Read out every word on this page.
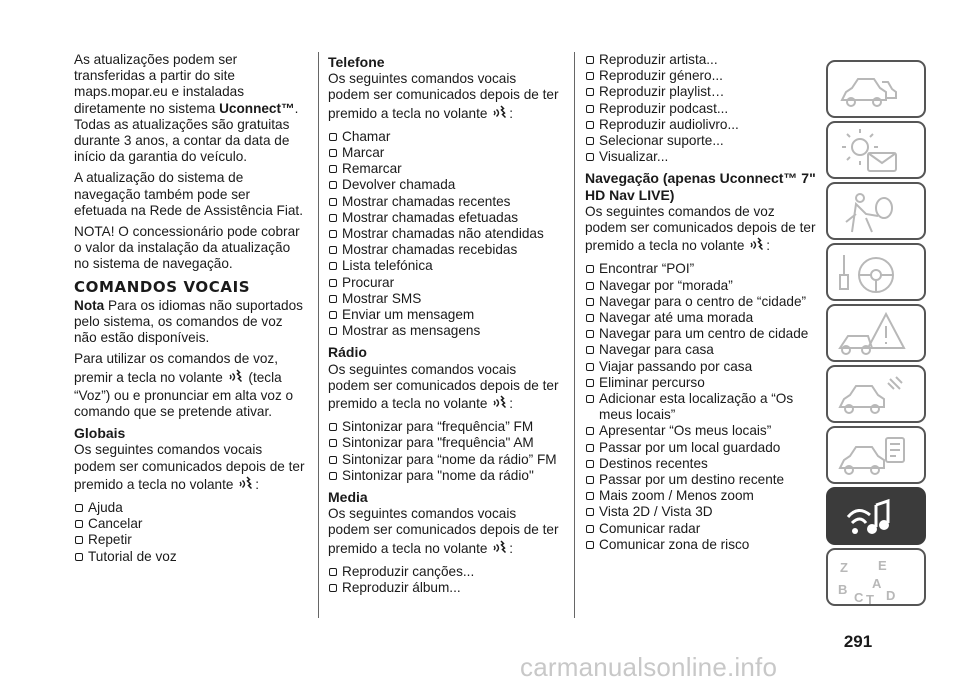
As atualizações podem ser transferidas a partir do site maps.mopar.eu e instaladas diretamente no sistema Uconnect™. Todas as atualizações são gratuitas durante 3 anos, a contar da data de início da garantia do veículo.

A atualização do sistema de navegação também pode ser efetuada na Rede de Assistência Fiat.

NOTA! O concessionário pode cobrar o valor da instalação da atualização no sistema de navegação.

COMANDOS VOCAIS

Nota Para os idiomas não suportados pelo sistema, os comandos de voz não estão disponíveis.

Para utilizar os comandos de voz, premir a tecla no volante (tecla “Voz”) ou e pronunciar em alta voz o comando que se pretende ativar.

Globais

Os seguintes comandos vocais podem ser comunicados depois de ter premido a tecla no volante :

Ajuda
Cancelar
Repetir
Tutorial de voz
Telefone

Os seguintes comandos vocais podem ser comunicados depois de ter premido a tecla no volante :

Chamar
Marcar
Remarcar
Devolver chamada
Mostrar chamadas recentes
Mostrar chamadas efetuadas
Mostrar chamadas não atendidas
Mostrar chamadas recebidas
Lista telefónica
Procurar
Mostrar SMS
Enviar um mensagem
Mostrar as mensagens
Rádio

Os seguintes comandos vocais podem ser comunicados depois de ter premido a tecla no volante :

Sintonizar para “frequência” FM
Sintonizar para "frequência" AM
Sintonizar para “nome da rádio” FM
Sintonizar para "nome da rádio"
Media

Os seguintes comandos vocais podem ser comunicados depois de ter premido a tecla no volante :

Reproduzir canções...
Reproduzir álbum...
Reproduzir artista...
Reproduzir género...
Reproduzir playlist…
Reproduzir podcast...
Reproduzir audiolivro...
Selecionar suporte...
Visualizar...
Navegação (apenas Uconnect™ 7" HD Nav LIVE)

Os seguintes comandos de voz podem ser comunicados depois de ter premido a tecla no volante :

Encontrar “POI”
Navegar por “morada”
Navegar para o centro de “cidade”
Navegar até uma morada
Navegar para um centro de cidade
Navegar para casa
Viajar passando por casa
Eliminar percurso
Adicionar esta localização a “Os meus locais”
Apresentar “Os meus locais”
Passar por um local guardado
Destinos recentes
Passar por um destino recente
Mais zoom / Menos zoom
Vista 2D / Vista 3D
Comunicar radar
Comunicar zona de risco
Z E
B A
C T D
291
carmanualsonline.info
